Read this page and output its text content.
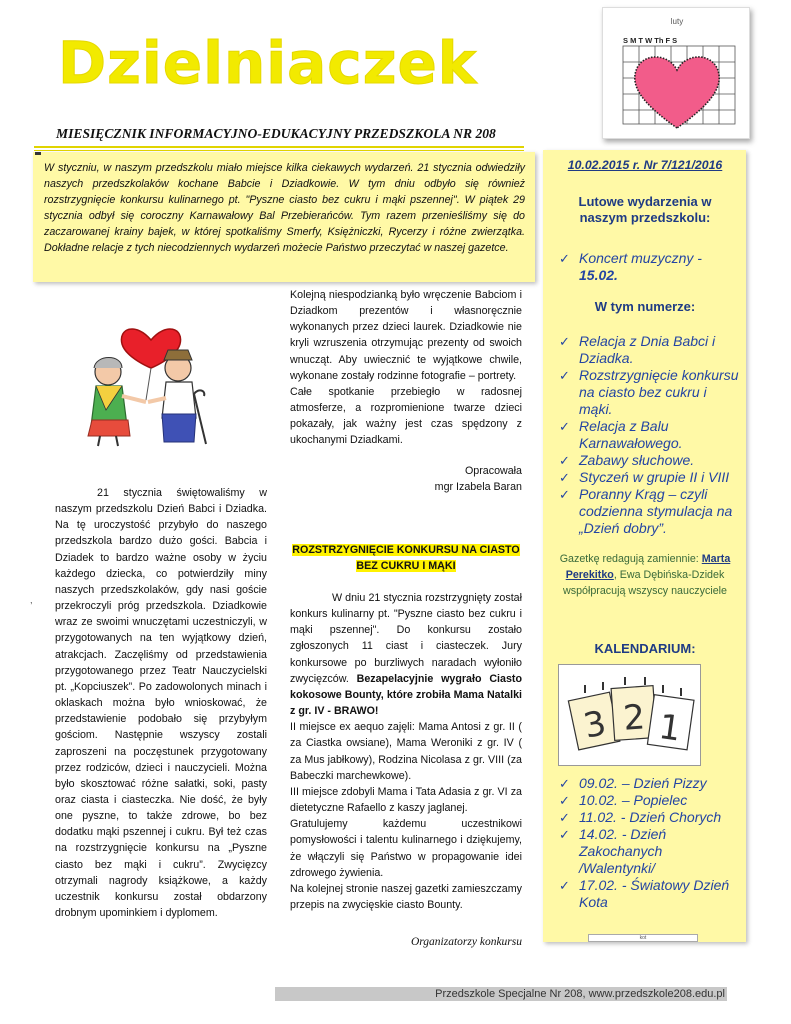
Dzielniaczek
luty
S M T W Th F S
MIESIĘCZNIK INFORMACYJNO-EDUKACYJNY PRZEDSZKOLA NR 208

W styczniu, w naszym przedszkolu miało miejsce kilka ciekawych wydarzeń. 21 stycznia odwiedziły naszych przedszkolaków kochane Babcie i Dziadkowie. W tym dniu odbyło się również rozstrzygnięcie konkursu kulinarnego pt. "Pyszne ciasto bez cukru i mąki pszennej". W piątek 29 stycznia odbył się coroczny Karnawałowy Bal Przebierańców. Tym razem przenieśliśmy się do zaczarowanej krainy bajek, w której spotkaliśmy Smerfy, Księżniczki, Rycerzy i różne zwierzątka. Dokładne relacje z tych niecodziennych wydarzeń możecie Państwo przeczytać w naszej gazetce.

21 stycznia świętowaliśmy w naszym przedszkolu Dzień Babci i Dziadka. Na tę uroczystość przybyło do naszego przedszkola bardzo dużo gości. Babcia i Dziadek to bardzo ważne osoby w życiu każdego dziecka, co potwierdziły miny naszych przedszkolaków, gdy nasi goście przekroczyli próg przedszkola. Dziadkowie wraz ze swoimi wnuczętami uczestniczyli, w przygotowanych na ten wyjątkowy dzień, atrakcjach. Zaczęliśmy od przedstawienia przygotowanego przez Teatr Nauczycielski pt. „Kopciuszek”. Po zadowolonych minach i oklaskach można było wnioskować, że przedstawienie podobało się przybyłym gościom. Następnie wszyscy zostali zaproszeni na poczęstunek przygotowany przez rodziców, dzieci i nauczycieli. Można było skosztować różne sałatki, soki, pasty oraz ciasta i ciasteczka. Nie dość, że były one pyszne, to także zdrowe, bo bez dodatku mąki pszennej i cukru. Był też czas na rozstrzygnięcie konkursu na „Pyszne ciasto bez mąki i cukru”. Zwycięzcy otrzymali nagrody książkowe, a każdy uczestnik konkursu został obdarzony drobnym upominkiem i dyplomem.

,

Kolejną niespodzianką było wręczenie Babciom i Dziadkom prezentów i własnoręcznie wykonanych przez dzieci laurek. Dziadkowie nie kryli wzruszenia otrzymując prezenty od swoich wnucząt. Aby uwiecznić te wyjątkowe chwile, wykonane zostały rodzinne fotografie – portrety.

Całe spotkanie przebiegło w radosnej atmosferze, a rozpromienione twarze dzieci pokazały, jak ważny jest czas spędzony z ukochanymi Dziadkami.

Opracowała

mgr Izabela Baran

ROZSTRZYGNIĘCIE KONKURSU NA CIASTO
BEZ CUKRU I MĄKI

W dniu 21 stycznia rozstrzygnięty został konkurs kulinarny pt. "Pyszne ciasto bez cukru i mąki pszennej". Do konkursu zostało zgłoszonych 11 ciast i ciasteczek. Jury konkursowe po burzliwych naradach wyłoniło zwycięzców. Bezapelacyjnie wygrało Ciasto kokosowe Bounty, które zrobiła Mama Natalki z gr. IV - BRAWO!

II miejsce ex aequo zajęli: Mama Antosi z gr. II ( za Ciastka owsiane), Mama Weroniki z gr. IV ( za Mus jabłkowy), Rodzina Nicolasa z gr. VIII (za Babeczki marchewkowe).

III miejsce zdobyli Mama i Tata Adasia z gr. VI za dietetyczne Rafaello z kaszy jaglanej.

Gratulujemy każdemu uczestnikowi pomysłowości i talentu kulinarnego i dziękujemy, że włączyli się Państwo w propagowanie idei zdrowego żywienia.

Na kolejnej stronie naszej gazetki zamieszczamy przepis na zwycięskie ciasto Bounty.

Organizatorzy konkursu
10.02.2015 r. Nr 7/121/2016
Lutowe wydarzenia w
naszym przedszkolu:
✓ Koncert muzyczny - 15.02.
W tym numerze:
✓ Relacja z Dnia Babci i Dziadka.
✓ Rozstrzygnięcie konkursu na ciasto bez cukru i mąki.
✓ Relacja z Balu Karnawałowego.
✓ Zabawy słuchowe.
✓ Styczeń w grupie II i VIII
✓ Poranny Krąg – czyli codzienna stymulacja na „Dzień dobry”.
Gazetkę redagują zamiennie: Marta Perekitko, Ewa Dębińska-Dzidek współpracują wszyscy nauczyciele
KALENDARIUM:
3 2 1
✓ 09.02. – Dzień Pizzy
✓ 10.02. – Popielec
✓ 11.02. - Dzień Chorych
✓ 14.02. - Dzień Zakochanych /Walentynki/
✓ 17.02. - Światowy Dzień Kota
kot
Przedszkole Specjalne Nr 208, www.przedszkole208.edu.pl
